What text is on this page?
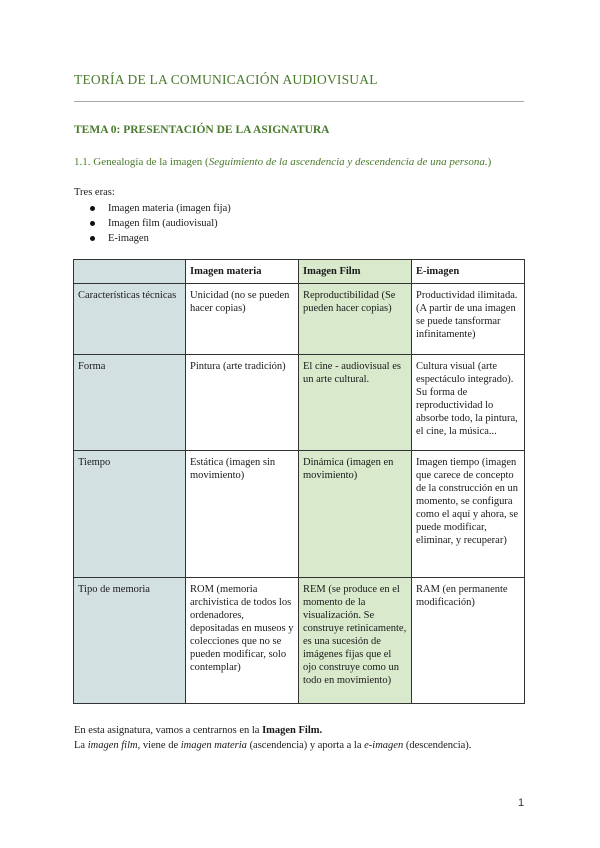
TEORÍA DE LA COMUNICACIÓN AUDIOVISUAL
TEMA 0: PRESENTACIÓN DE LA ASIGNATURA
1.1. Genealogía de la imagen (Seguimiento de la ascendencia y descendencia de una persona.)
Tres eras:
Imagen materia (imagen fija)
Imagen film (audiovisual)
E-imagen
	Imagen materia	Imagen Film	E-imagen
Características técnicas	Unicidad (no se pueden hacer copias)	Reproductibilidad (Se pueden hacer copias)	Productividad ilimitada. (A partir de una imagen se puede tansformar infinitamente)
Forma	Pintura (arte tradición)	El cine - audiovisual es un arte cultural.	Cultura visual (arte espectáculo integrado). Su forma de reproductividad lo absorbe todo, la pintura, el cine, la música...
Tiempo	Estática (imagen sin movimiento)	Dinámica (imagen en movimiento)	Imagen tiempo (imagen que carece de concepto de la construcción en un momento, se configura como el aquí y ahora, se puede modificar, eliminar, y recuperar)
Tipo de memoria	ROM (memoria archivística de todos los ordenadores, depositadas en museos y colecciones que no se pueden modificar, solo contemplar)	REM (se produce en el momento de la visualización. Se construye retinicamente, es una sucesión de imágenes fijas que el ojo construye como un todo en movimiento)	RAM (en permanente modificación)
En esta asignatura, vamos a centrarnos en la Imagen Film.
La imagen film, viene de imagen materia (ascendencia) y aporta a la e-imagen (descendencia).
1
